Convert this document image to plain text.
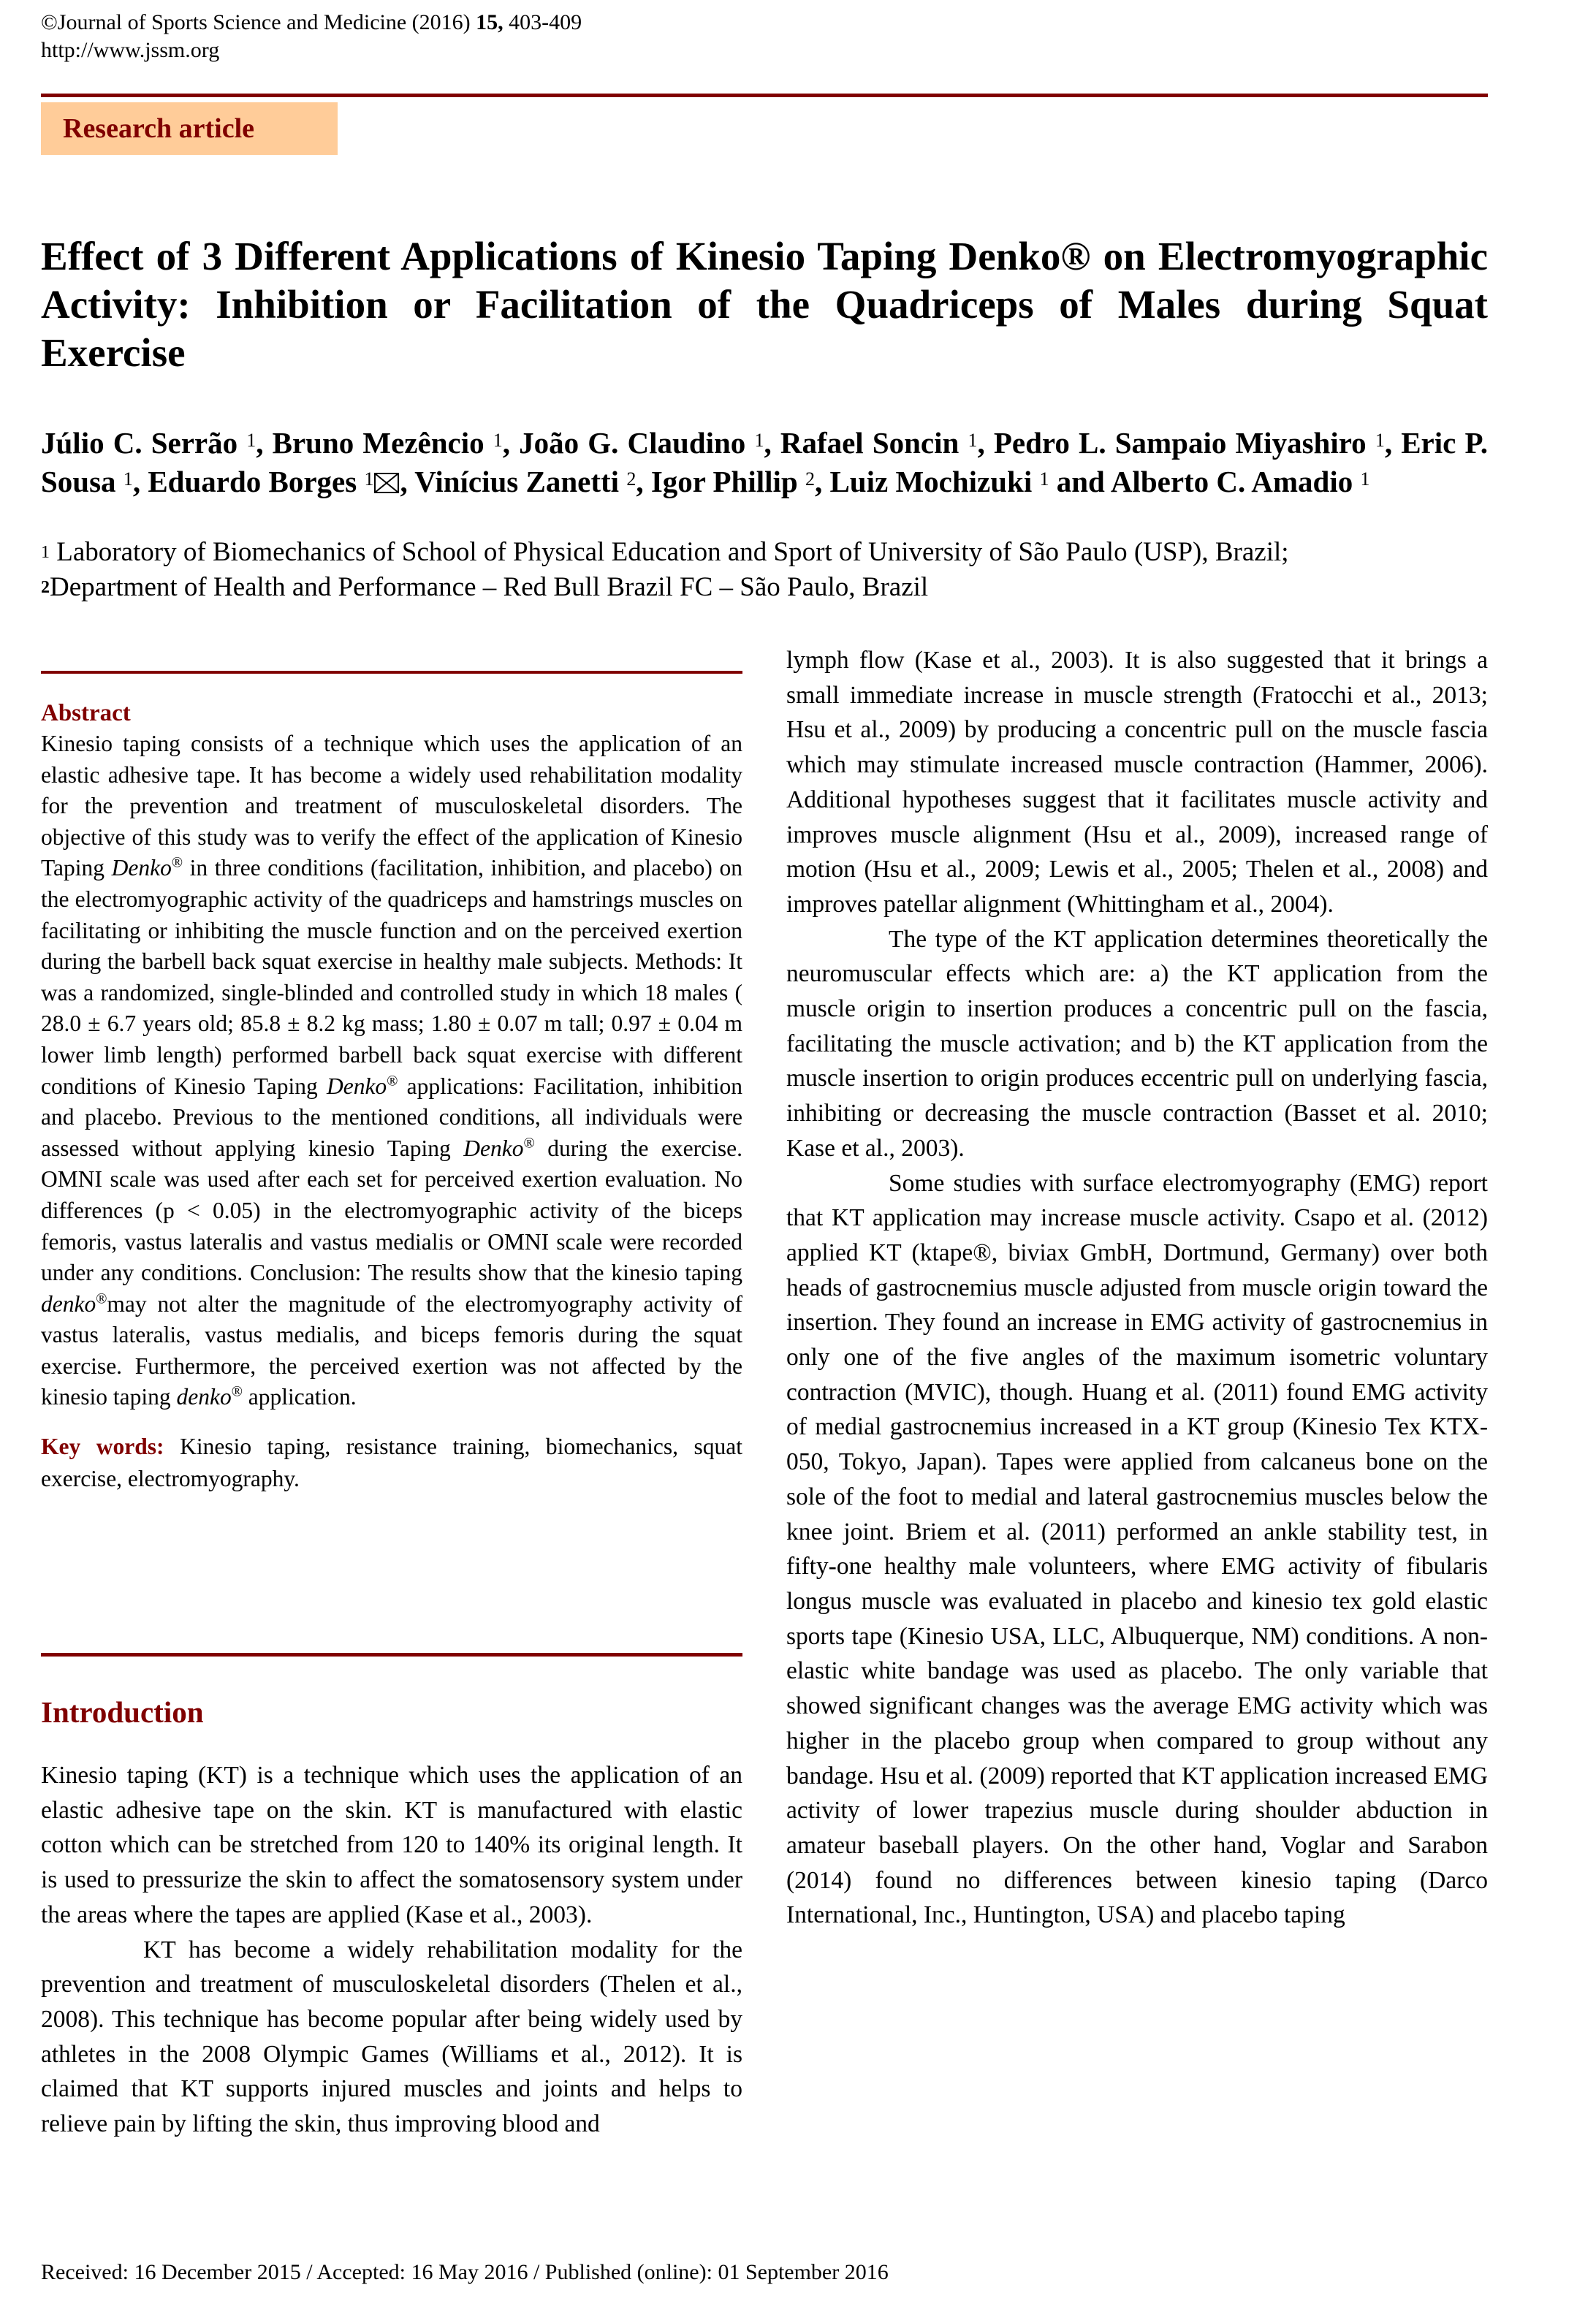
©Journal of Sports Science and Medicine (2016) 15, 403-409
http://www.jssm.org
Research article
Effect of 3 Different Applications of Kinesio Taping Denko® on Electromyographic Activity: Inhibition or Facilitation of the Quadriceps of Males during Squat Exercise
Júlio C. Serrão $^1$, Bruno Mezêncio $^1$, João G. Claudino $^1$, Rafael Soncin $^1$, Pedro L. Sampaio Miyashiro $^1$, Eric P. Sousa $^1$, Eduardo Borges $^1$ , Vinícius Zanetti $^2$, Igor Phillip $^2$, Luiz Mochizuki $^1$ and Alberto C. Amadio $^1$
$^1$ Laboratory of Biomechanics of School of Physical Education and Sport of University of São Paulo (USP), Brazil;
$^2$Department of Health and Performance – Red Bull Brazil FC – São Paulo, Brazil
Abstract

Kinesio taping consists of a technique which uses the application of an elastic adhesive tape. It has become a widely used rehabilitation modality for the prevention and treatment of musculoskeletal disorders. The objective of this study was to verify the effect of the application of Kinesio Taping Denko® in three conditions (facilitation, inhibition, and placebo) on the electromyographic activity of the quadriceps and hamstrings muscles on facilitating or inhibiting the muscle function and on the perceived exertion during the barbell back squat exercise in healthy male subjects. Methods: It was a randomized, single-blinded and controlled study in which 18 males ( 28.0 ± 6.7 years old; 85.8 ± 8.2 kg mass; 1.80 ± 0.07 m tall; 0.97 ± 0.04 m lower limb length) performed barbell back squat exercise with different conditions of Kinesio Taping Denko® applications: Facilitation, inhibition and placebo. Previous to the mentioned conditions, all individuals were assessed without applying kinesio Taping Denko® during the exercise. OMNI scale was used after each set for perceived exertion evaluation. No differences (p < 0.05) in the electromyographic activity of the biceps femoris, vastus lateralis and vastus medialis or OMNI scale were recorded under any conditions. Conclusion: The results show that the kinesio taping denko®may not alter the magnitude of the electromyography activity of vastus lateralis, vastus medialis, and biceps femoris during the squat exercise. Furthermore, the perceived exertion was not affected by the kinesio taping denko® application.

Key words: Kinesio taping, resistance training, biomechanics, squat exercise, electromyography.

Introduction

Kinesio taping (KT) is a technique which uses the application of an elastic adhesive tape on the skin. KT is manufactured with elastic cotton which can be stretched from 120 to 140% its original length. It is used to pressurize the skin to affect the somatosensory system under the areas where the tapes are applied (Kase et al., 2003).

KT has become a widely rehabilitation modality for the prevention and treatment of musculoskeletal disorders (Thelen et al., 2008). This technique has become popular after being widely used by athletes in the 2008 Olympic Games (Williams et al., 2012). It is claimed that KT supports injured muscles and joints and helps to relieve pain by lifting the skin, thus improving blood and

lymph flow (Kase et al., 2003). It is also suggested that it brings a small immediate increase in muscle strength (Fratocchi et al., 2013; Hsu et al., 2009) by producing a concentric pull on the muscle fascia which may stimulate increased muscle contraction (Hammer, 2006). Additional hypotheses suggest that it facilitates muscle activity and improves muscle alignment (Hsu et al., 2009), increased range of motion (Hsu et al., 2009; Lewis et al., 2005; Thelen et al., 2008) and improves patellar alignment (Whittingham et al., 2004).

The type of the KT application determines theoretically the neuromuscular effects which are: a) the KT application from the muscle origin to insertion produces a concentric pull on the fascia, facilitating the muscle activation; and b) the KT application from the muscle insertion to origin produces eccentric pull on underlying fascia, inhibiting or decreasing the muscle contraction (Basset et al. 2010; Kase et al., 2003).

Some studies with surface electromyography (EMG) report that KT application may increase muscle activity. Csapo et al. (2012) applied KT (ktape®, biviax GmbH, Dortmund, Germany) over both heads of gastrocnemius muscle adjusted from muscle origin toward the insertion. They found an increase in EMG activity of gastrocnemius in only one of the five angles of the maximum isometric voluntary contraction (MVIC), though. Huang et al. (2011) found EMG activity of medial gastrocnemius increased in a KT group (Kinesio Tex KTX-050, Tokyo, Japan). Tapes were applied from calcaneus bone on the sole of the foot to medial and lateral gastrocnemius muscles below the knee joint. Briem et al. (2011) performed an ankle stability test, in fifty-one healthy male volunteers, where EMG activity of fibularis longus muscle was evaluated in placebo and kinesio tex gold elastic sports tape (Kinesio USA, LLC, Albuquerque, NM) conditions. A non-elastic white bandage was used as placebo. The only variable that showed significant changes was the average EMG activity which was higher in the placebo group when compared to group without any bandage. Hsu et al. (2009) reported that KT application increased EMG activity of lower trapezius muscle during shoulder abduction in amateur baseball players. On the other hand, Voglar and Sarabon (2014) found no differences between kinesio taping (Darco International, Inc., Huntington, USA) and placebo taping

Received: 16 December 2015 / Accepted: 16 May 2016 / Published (online): 01 September 2016
